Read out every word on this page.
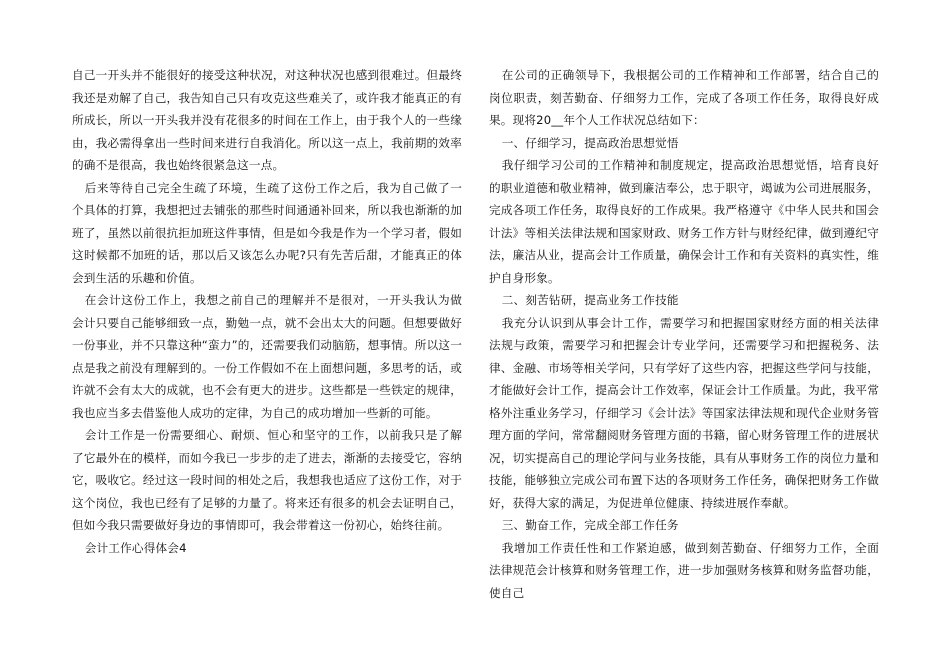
自己一开头并不能很好的接受这种状况，对这种状况也感到很难过。但最终我还是劝解了自己，我告知自己只有攻克这些难关了，或许我才能真正的有所成长，所以一开头我并没有花很多的时间在工作上，由于我个人的一些缘由，我必需得拿出一些时间来进行自我消化。所以这一点上，我前期的效率的确不是很高，我也始终很紧急这一点。

后来等待自己完全生疏了环境，生疏了这份工作之后，我为自己做了一个具体的打算，我想把过去铺张的那些时间通通补回来，所以我也渐渐的加班了，虽然以前很抗拒加班这件事情，但是如今我是作为一个学习者，假如这时候都不加班的话，那以后又该怎么办呢?只有先苦后甜，才能真正的体会到生活的乐趣和价值。

在会计这份工作上，我想之前自己的理解并不是很对，一开头我认为做会计只要自己能够细致一点，勤勉一点，就不会出太大的问题。但想要做好一份事业，并不只靠这种“蛮力”的，还需要我们动脑筋，想事情。所以这一点是我之前没有理解到的。一份工作假如不在上面想问题，多思考的话，或许就不会有太大的成就，也不会有更大的进步。这些都是一些铁定的规律，我也应当多去借鉴他人成功的定律，为自己的成功增加一些新的可能。

会计工作是一份需要细心、耐烦、恒心和坚守的工作，以前我只是了解了它最外在的模样，而如今我已一步步的走了进去，渐渐的去接受它，容纳它，吸收它。经过这一段时间的相处之后，我想我也适应了这份工作，对于这个岗位，我也已经有了足够的力量了。将来还有很多的机会去证明自己，但如今我只需要做好身边的事情即可，我会带着这一份初心，始终往前。

会计工作心得体会4

在公司的正确领导下，我根据公司的工作精神和工作部署，结合自己的岗位职责，刻苦勤奋、仔细努力工作，完成了各项工作任务，取得良好成果。现将20__年个人工作状况总结如下：

一、仔细学习，提高政治思想觉悟

我仔细学习公司的工作精神和制度规定，提高政治思想觉悟，培育良好的职业道德和敬业精神，做到廉洁奉公，忠于职守，竭诚为公司进展服务，完成各项工作任务，取得良好的工作成果。我严格遵守《中华人民共和国会计法》等相关法律法规和国家财政、财务工作方针与财经纪律，做到遵纪守法，廉洁从业，提高会计工作质量，确保会计工作和有关资料的真实性，维护自身形象。

二、刻苦钻研，提高业务工作技能

我充分认识到从事会计工作，需要学习和把握国家财经方面的相关法律法规与政策，需要学习和把握会计专业学问，还需要学习和把握税务、法律、金融、市场等相关学问，只有学好了这些内容，把握这些学问与技能，才能做好会计工作，提高会计工作效率，保证会计工作质量。为此，我平常格外注重业务学习，仔细学习《会计法》等国家法律法规和现代企业财务管理方面的学问，常常翻阅财务管理方面的书籍，留心财务管理工作的进展状况，切实提高自己的理论学问与业务技能，具有从事财务工作的岗位力量和技能，能够独立完成公司布置下达的各项财务工作任务，确保把财务工作做好，获得大家的满足，为促进单位健康、持续进展作奉献。

三、勤奋工作，完成全部工作任务

我增加工作责任性和工作紧迫感，做到刻苦勤奋、仔细努力工作，全面法律规范会计核算和财务管理工作，进一步加强财务核算和财务监督功能，使自己
